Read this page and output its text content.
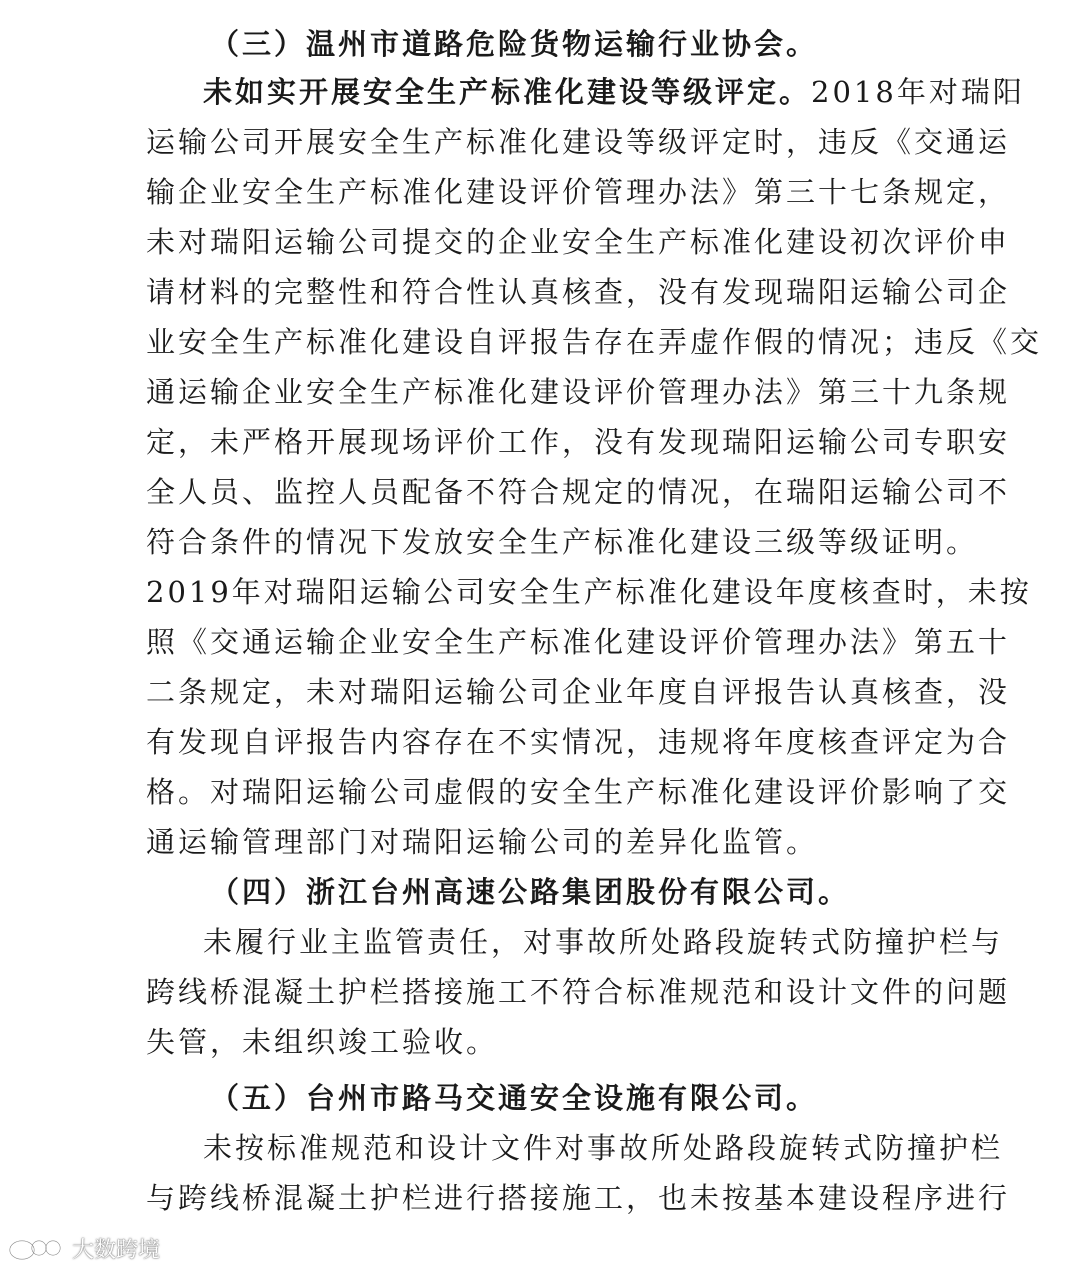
（三）温州市道路危险货物运输行业协会。
未如实开展安全生产标准化建设等级评定。2018年对瑞阳
运输公司开展安全生产标准化建设等级评定时，违反《交通运
输企业安全生产标准化建设评价管理办法》第三十七条规定，
未对瑞阳运输公司提交的企业安全生产标准化建设初次评价申
请材料的完整性和符合性认真核查，没有发现瑞阳运输公司企
业安全生产标准化建设自评报告存在弄虚作假的情况；违反《交
通运输企业安全生产标准化建设评价管理办法》第三十九条规
定，未严格开展现场评价工作，没有发现瑞阳运输公司专职安
全人员、监控人员配备不符合规定的情况，在瑞阳运输公司不
符合条件的情况下发放安全生产标准化建设三级等级证明。
2019年对瑞阳运输公司安全生产标准化建设年度核查时，未按
照《交通运输企业安全生产标准化建设评价管理办法》第五十
二条规定，未对瑞阳运输公司企业年度自评报告认真核查，没
有发现自评报告内容存在不实情况，违规将年度核查评定为合
格。对瑞阳运输公司虚假的安全生产标准化建设评价影响了交
通运输管理部门对瑞阳运输公司的差异化监管。
（四）浙江台州高速公路集团股份有限公司。
未履行业主监管责任，对事故所处路段旋转式防撞护栏与
跨线桥混凝土护栏搭接施工不符合标准规范和设计文件的问题
失管，未组织竣工验收。
（五）台州市路马交通安全设施有限公司。
未按标准规范和设计文件对事故所处路段旋转式防撞护栏
与跨线桥混凝土护栏进行搭接施工，也未按基本建设程序进行
大数跨境
